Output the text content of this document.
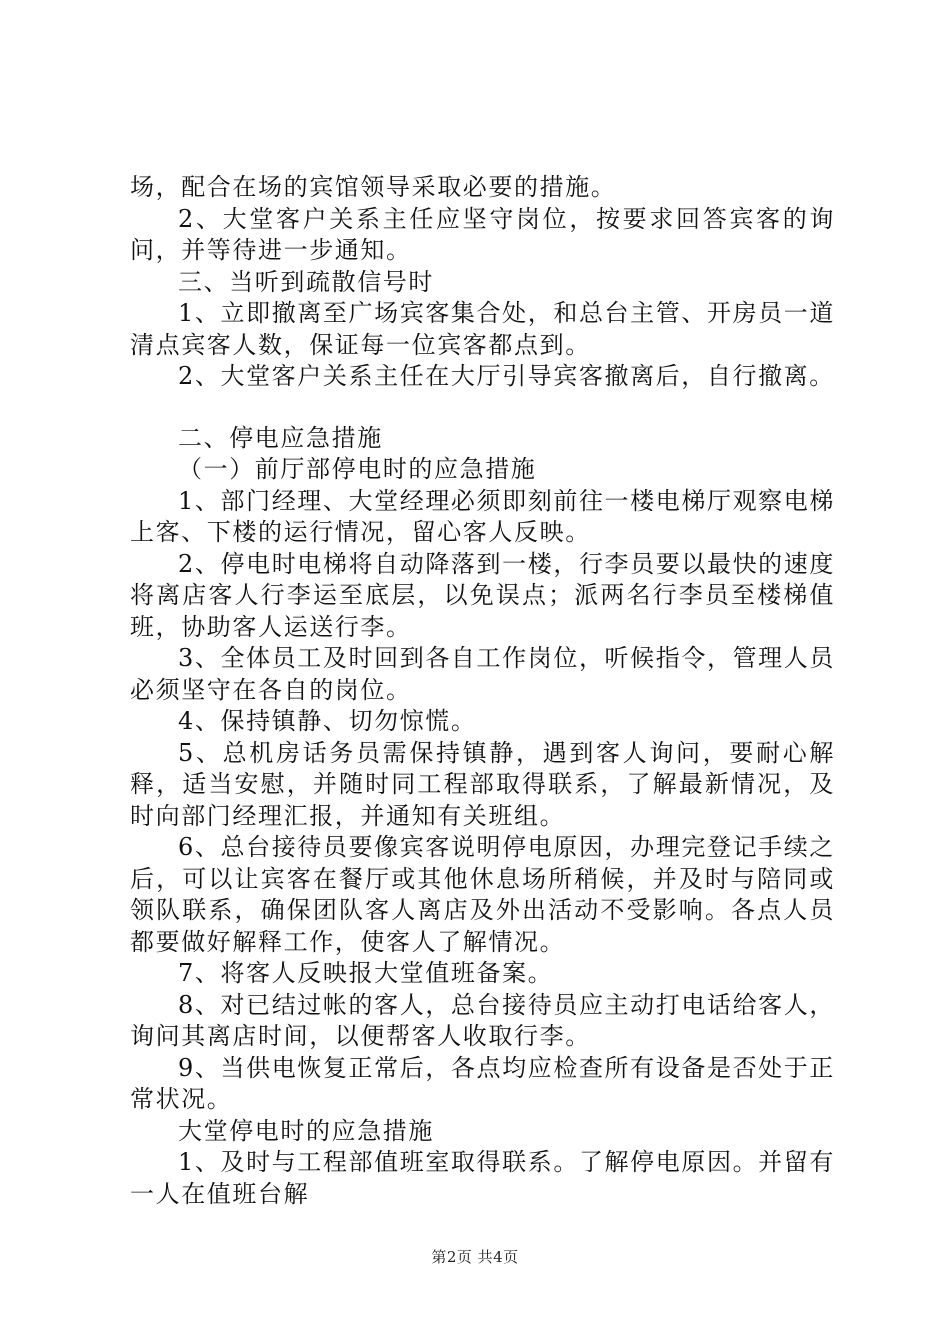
场，配合在场的宾馆领导采取必要的措施。

2、大堂客户关系主任应坚守岗位，按要求回答宾客的询问，并等待进一步通知。

三、当听到疏散信号时

1、立即撤离至广场宾客集合处，和总台主管、开房员一道清点宾客人数，保证每一位宾客都点到。

2、大堂客户关系主任在大厅引导宾客撤离后，自行撤离。

二、停电应急措施

（一）前厅部停电时的应急措施

1、部门经理、大堂经理必须即刻前往一楼电梯厅观察电梯上客、下楼的运行情况，留心客人反映。

2、停电时电梯将自动降落到一楼，行李员要以最快的速度将离店客人行李运至底层，以免误点；派两名行李员至楼梯值班，协助客人运送行李。

3、全体员工及时回到各自工作岗位，听候指令，管理人员必须坚守在各自的岗位。

4、保持镇静、切勿惊慌。

5、总机房话务员需保持镇静，遇到客人询问，要耐心解释，适当安慰，并随时同工程部取得联系，了解最新情况，及时向部门经理汇报，并通知有关班组。

6、总台接待员要像宾客说明停电原因，办理完登记手续之后，可以让宾客在餐厅或其他休息场所稍候，并及时与陪同或领队联系，确保团队客人离店及外出活动不受影响。各点人员都要做好解释工作，使客人了解情况。

7、将客人反映报大堂值班备案。

8、对已结过帐的客人，总台接待员应主动打电话给客人，询问其离店时间，以便帮客人收取行李。

9、当供电恢复正常后，各点均应检查所有设备是否处于正常状况。

大堂停电时的应急措施

1、及时与工程部值班室取得联系。了解停电原因。并留有一人在值班台解

第2页 共4页
